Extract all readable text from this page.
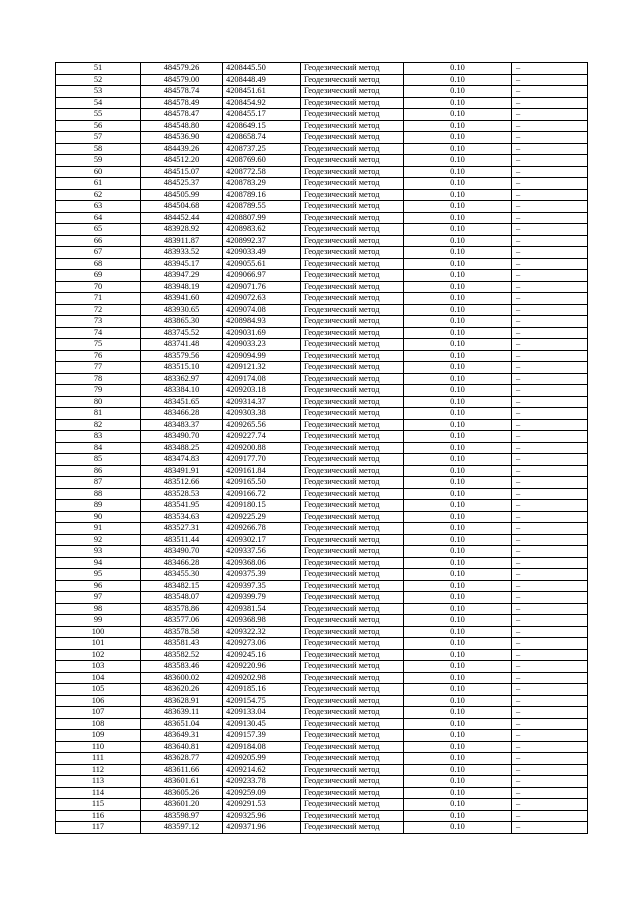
51	484579.26	4208445.50	Геодезический метод	0.10	–
52	484579.00	4208448.49	Геодезический метод	0.10	–
53	484578.74	4208451.61	Геодезический метод	0.10	–
54	484578.49	4208454.92	Геодезический метод	0.10	–
55	484578.47	4208455.17	Геодезический метод	0.10	–
56	484548.80	4208649.15	Геодезический метод	0.10	–
57	484536.90	4208658.74	Геодезический метод	0.10	–
58	484439.26	4208737.25	Геодезический метод	0.10	–
59	484512.20	4208769.60	Геодезический метод	0.10	–
60	484515.07	4208772.58	Геодезический метод	0.10	–
61	484525.37	4208783.29	Геодезический метод	0.10	–
62	484505.99	4208789.16	Геодезический метод	0.10	–
63	484504.68	4208789.55	Геодезический метод	0.10	–
64	484452.44	4208807.99	Геодезический метод	0.10	–
65	483928.92	4208983.62	Геодезический метод	0.10	–
66	483911.87	4208992.37	Геодезический метод	0.10	–
67	483933.52	4209033.49	Геодезический метод	0.10	–
68	483945.17	4209055.61	Геодезический метод	0.10	–
69	483947.29	4209066.97	Геодезический метод	0.10	–
70	483948.19	4209071.76	Геодезический метод	0.10	–
71	483941.60	4209072.63	Геодезический метод	0.10	–
72	483930.65	4209074.08	Геодезический метод	0.10	–
73	483865.30	4208984.93	Геодезический метод	0.10	–
74	483745.52	4209031.69	Геодезический метод	0.10	–
75	483741.48	4209033.23	Геодезический метод	0.10	–
76	483579.56	4209094.99	Геодезический метод	0.10	–
77	483515.10	4209121.32	Геодезический метод	0.10	–
78	483362.97	4209174.08	Геодезический метод	0.10	–
79	483384.10	4209203.18	Геодезический метод	0.10	–
80	483451.65	4209314.37	Геодезический метод	0.10	–
81	483466.28	4209303.38	Геодезический метод	0.10	–
82	483483.37	4209265.56	Геодезический метод	0.10	–
83	483490.70	4209227.74	Геодезический метод	0.10	–
84	483488.25	4209200.88	Геодезический метод	0.10	–
85	483474.83	4209177.70	Геодезический метод	0.10	–
86	483491.91	4209161.84	Геодезический метод	0.10	–
87	483512.66	4209165.50	Геодезический метод	0.10	–
88	483528.53	4209166.72	Геодезический метод	0.10	–
89	483541.95	4209180.15	Геодезический метод	0.10	–
90	483534.63	4209225.29	Геодезический метод	0.10	–
91	483527.31	4209266.78	Геодезический метод	0.10	–
92	483511.44	4209302.17	Геодезический метод	0.10	–
93	483490.70	4209337.56	Геодезический метод	0.10	–
94	483466.28	4209368.06	Геодезический метод	0.10	–
95	483455.30	4209375.39	Геодезический метод	0.10	–
96	483482.15	4209397.35	Геодезический метод	0.10	–
97	483548.07	4209399.79	Геодезический метод	0.10	–
98	483578.86	4209381.54	Геодезический метод	0.10	–
99	483577.06	4209368.98	Геодезический метод	0.10	–
100	483578.58	4209322.32	Геодезический метод	0.10	–
101	483581.43	4209273.06	Геодезический метод	0.10	–
102	483582.52	4209245.16	Геодезический метод	0.10	–
103	483583.46	4209220.96	Геодезический метод	0.10	–
104	483600.02	4209202.98	Геодезический метод	0.10	–
105	483620.26	4209185.16	Геодезический метод	0.10	–
106	483628.91	4209154.75	Геодезический метод	0.10	–
107	483639.11	4209133.04	Геодезический метод	0.10	–
108	483651.04	4209130.45	Геодезический метод	0.10	–
109	483649.31	4209157.39	Геодезический метод	0.10	–
110	483640.81	4209184.08	Геодезический метод	0.10	–
111	483628.77	4209205.99	Геодезический метод	0.10	–
112	483611.66	4209214.62	Геодезический метод	0.10	–
113	483601.61	4209233.78	Геодезический метод	0.10	–
114	483605.26	4209259.09	Геодезический метод	0.10	–
115	483601.20	4209291.53	Геодезический метод	0.10	–
116	483598.97	4209325.96	Геодезический метод	0.10	–
117	483597.12	4209371.96	Геодезический метод	0.10	–
